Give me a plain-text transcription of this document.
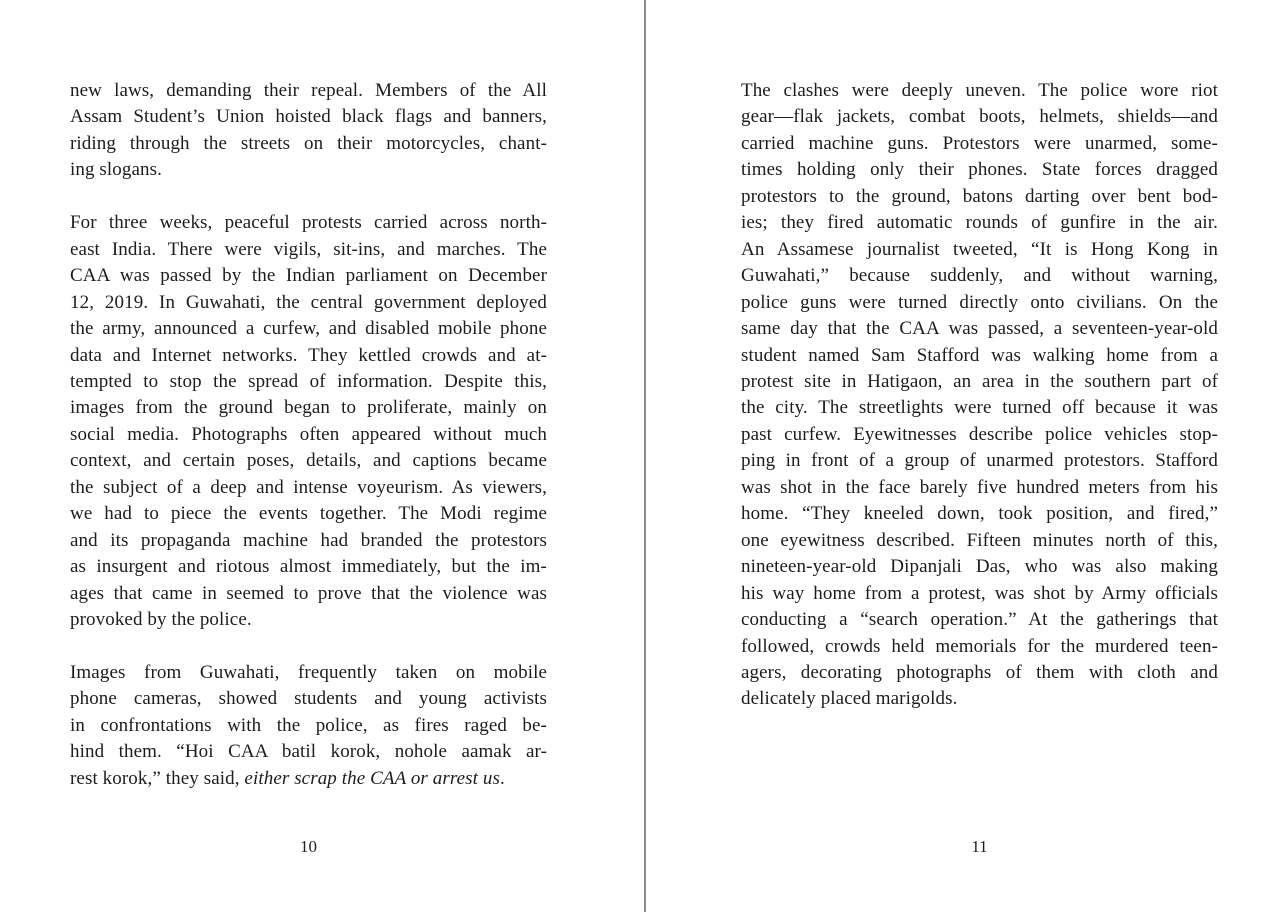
new laws, demanding their repeal. Members of the All
Assam Student’s Union hoisted black flags and banners,
riding through the streets on their motorcycles, chant-
ing slogans.
For three weeks, peaceful protests carried across north-
east India. There were vigils, sit-ins, and marches. The
CAA was passed by the Indian parliament on December
12, 2019. In Guwahati, the central government deployed
the army, announced a curfew, and disabled mobile phone
data and Internet networks. They kettled crowds and at-
tempted to stop the spread of information. Despite this,
images from the ground began to proliferate, mainly on
social media. Photographs often appeared without much
context, and certain poses, details, and captions became
the subject of a deep and intense voyeurism. As viewers,
we had to piece the events together. The Modi regime
and its propaganda machine had branded the protestors
as insurgent and riotous almost immediately, but the im-
ages that came in seemed to prove that the violence was
provoked by the police.
Images from Guwahati, frequently taken on mobile
phone cameras, showed students and young activists
in confrontations with the police, as fires raged be-
hind them. “Hoi CAA batil korok, nohole aamak ar-
rest korok,” they said, either scrap the CAA or arrest us.
The clashes were deeply uneven. The police wore riot
gear—flak jackets, combat boots, helmets, shields—and
carried machine guns. Protestors were unarmed, some-
times holding only their phones. State forces dragged
protestors to the ground, batons darting over bent bod-
ies; they fired automatic rounds of gunfire in the air.
An Assamese journalist tweeted, “It is Hong Kong in
Guwahati,” because suddenly, and without warning,
police guns were turned directly onto civilians. On the
same day that the CAA was passed, a seventeen-year-old
student named Sam Stafford was walking home from a
protest site in Hatigaon, an area in the southern part of
the city. The streetlights were turned off because it was
past curfew. Eyewitnesses describe police vehicles stop-
ping in front of a group of unarmed protestors. Stafford
was shot in the face barely five hundred meters from his
home. “They kneeled down, took position, and fired,”
one eyewitness described. Fifteen minutes north of this,
nineteen-year-old Dipanjali Das, who was also making
his way home from a protest, was shot by Army officials
conducting a “search operation.” At the gatherings that
followed, crowds held memorials for the murdered teen-
agers, decorating photographs of them with cloth and
delicately placed marigolds.
10	11
